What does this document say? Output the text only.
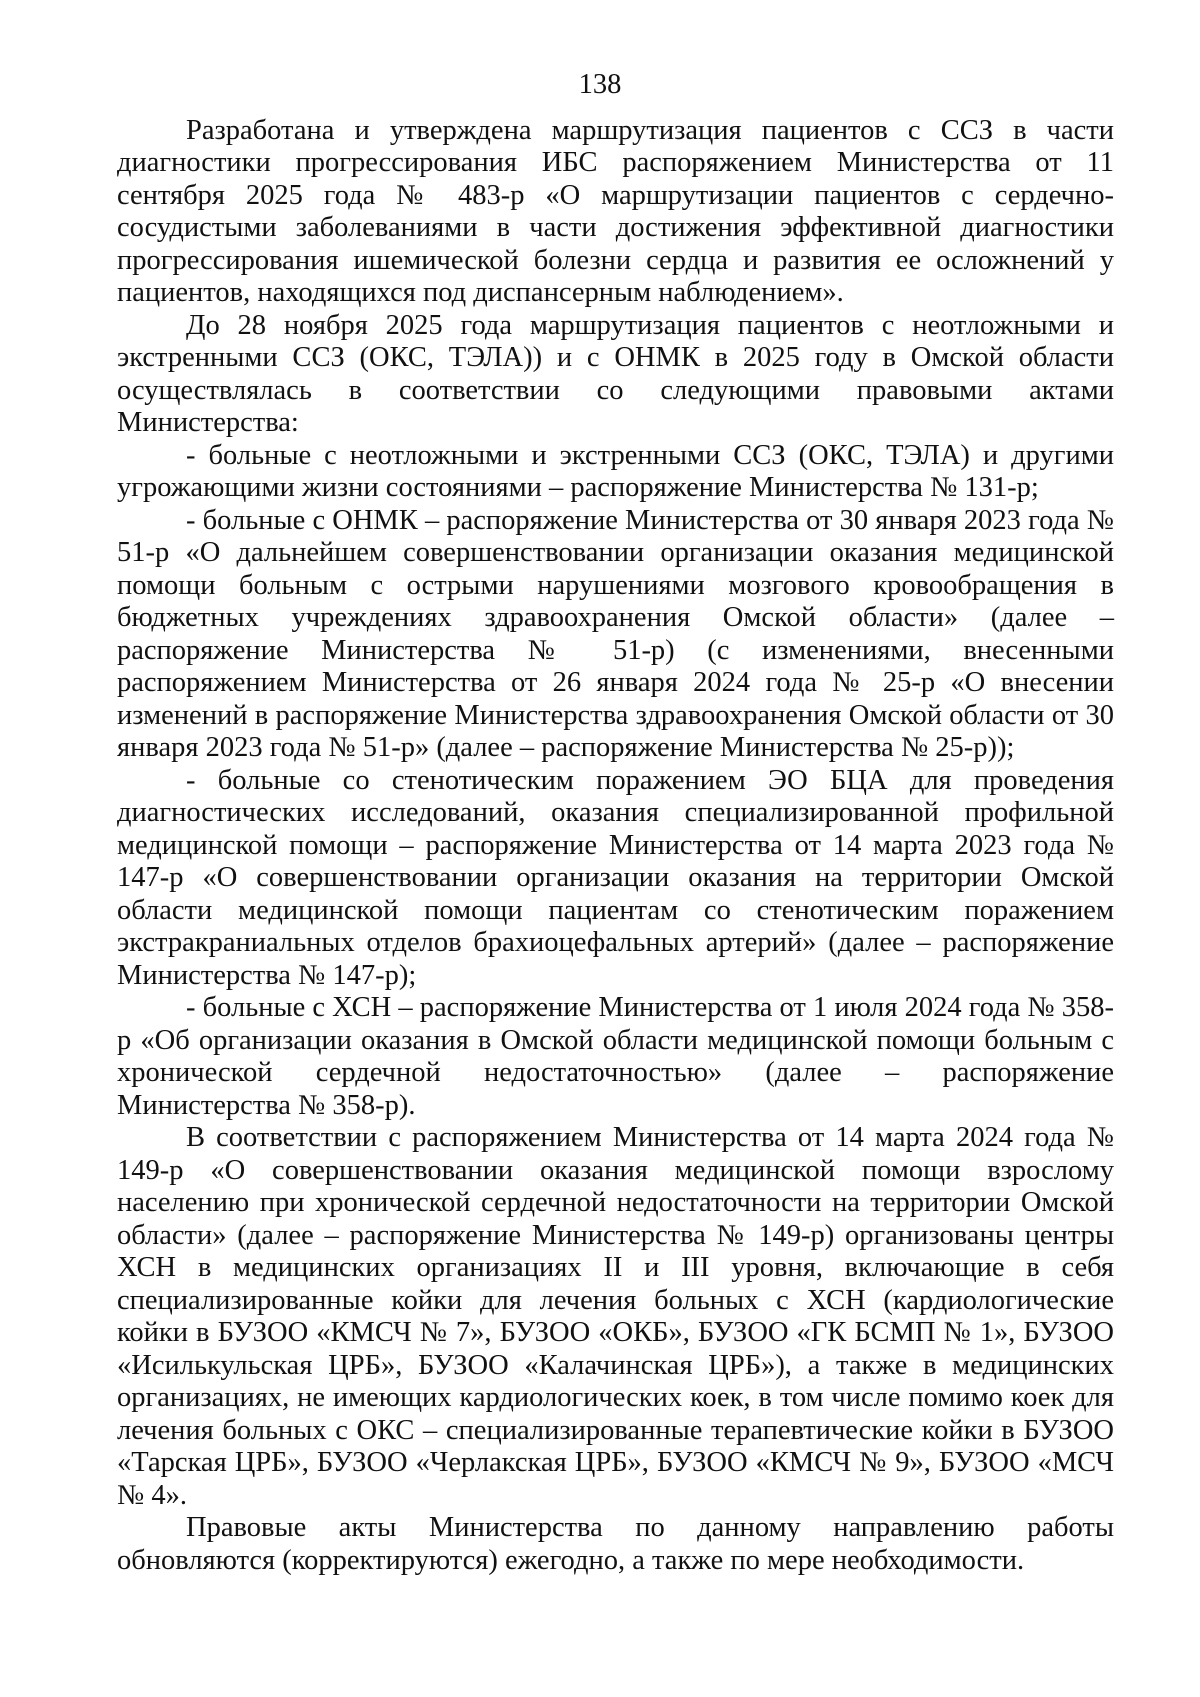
138

Разработана и утверждена маршрутизация пациентов с ССЗ в части диагностики прогрессирования ИБС распоряжением Министерства от 11 сентября 2025 года № 483-р «О маршрутизации пациентов с сердечно-сосудистыми заболеваниями в части достижения эффективной диагностики прогрессирования ишемической болезни сердца и развития ее осложнений у пациентов, находящихся под диспансерным наблюдением».

До 28 ноября 2025 года маршрутизация пациентов с неотложными и экстренными ССЗ (ОКС, ТЭЛА)) и с ОНМК в 2025 году в Омской области осуществлялась в соответствии со следующими правовыми актами Министерства:

- больные с неотложными и экстренными ССЗ (ОКС, ТЭЛА) и другими угрожающими жизни состояниями – распоряжение Министерства № 131-р;

- больные с ОНМК – распоряжение Министерства от 30 января 2023 года № 51-р «О дальнейшем совершенствовании организации оказания медицинской помощи больным с острыми нарушениями мозгового кровообращения в бюджетных учреждениях здравоохранения Омской области» (далее – распоряжение Министерства № 51-р) (с изменениями, внесенными распоряжением Министерства от 26 января 2024 года № 25-р «О внесении изменений в распоряжение Министерства здравоохранения Омской области от 30 января 2023 года № 51-р» (далее – распоряжение Министерства № 25-р));

- больные со стенотическим поражением ЭО БЦА для проведения диагностических исследований, оказания специализированной профильной медицинской помощи – распоряжение Министерства от 14 марта 2023 года № 147-р «О совершенствовании организации оказания на территории Омской области медицинской помощи пациентам со стенотическим поражением экстракраниальных отделов брахиоцефальных артерий» (далее – распоряжение Министерства № 147-р);

- больные с ХСН – распоряжение Министерства от 1 июля 2024 года № 358-р «Об организации оказания в Омской области медицинской помощи больным с хронической сердечной недостаточностью» (далее – распоряжение Министерства № 358-р).

В соответствии с распоряжением Министерства от 14 марта 2024 года № 149-р «О совершенствовании оказания медицинской помощи взрослому населению при хронической сердечной недостаточности на территории Омской области» (далее – распоряжение Министерства № 149-р) организованы центры ХСН в медицинских организациях II и III уровня, включающие в себя специализированные койки для лечения больных с ХСН (кардиологические койки в БУЗОО «КМСЧ № 7», БУЗОО «ОКБ», БУЗОО «ГК БСМП № 1», БУЗОО «Исилькульская ЦРБ», БУЗОО «Калачинская ЦРБ»), а также в медицинских организациях, не имеющих кардиологических коек, в том числе помимо коек для лечения больных с ОКС – специализированные терапевтические койки в БУЗОО «Тарская ЦРБ», БУЗОО «Черлакская ЦРБ», БУЗОО «КМСЧ № 9», БУЗОО «МСЧ № 4».

Правовые акты Министерства по данному направлению работы обновляются (корректируются) ежегодно, а также по мере необходимости.
